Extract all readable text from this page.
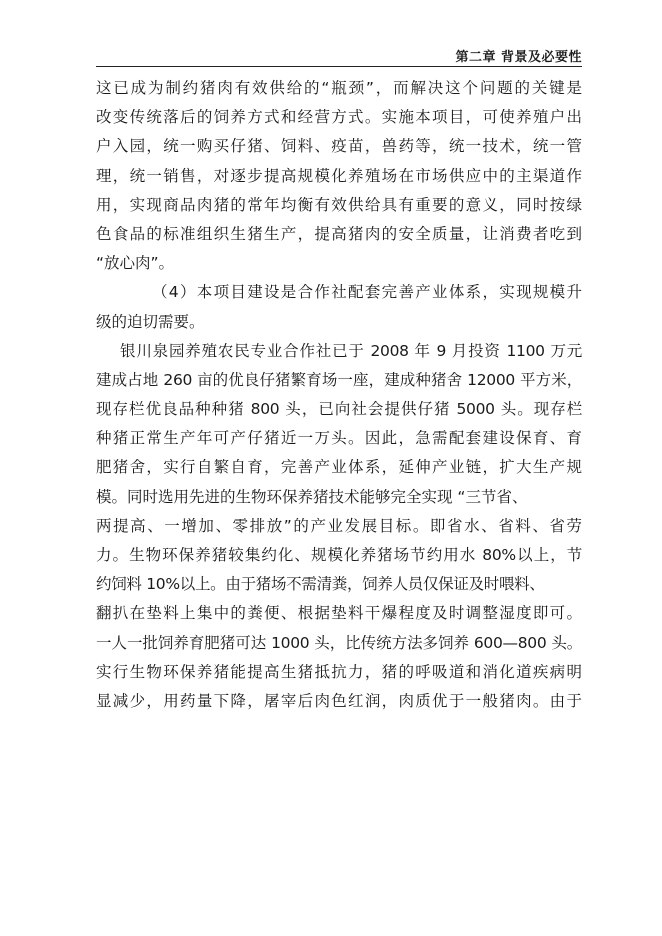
第二章 背景及必要性
这已成为制约猪肉有效供给的“瓶颈”，而解决这个问题的关键是
改变传统落后的饲养方式和经营方式。实施本项目，可使养殖户出
户入园，统一购买仔猪、饲料、疫苗，兽药等，统一技术，统一管
理，统一销售，对逐步提高规模化养殖场在市场供应中的主渠道作
用，实现商品肉猪的常年均衡有效供给具有重要的意义，同时按绿
色食品的标准组织生猪生产，提高猪肉的安全质量，让消费者吃到
“放心肉”。
（4）本项目建设是合作社配套完善产业体系，实现规模升
级的迫切需要。
银川泉园养殖农民专业合作社已于 2008 年 9 月投资 1100 万元
建成占地 260 亩的优良仔猪繁育场一座，建成种猪舍 12000 平方米，
现存栏优良品种种猪 800 头，已向社会提供仔猪 5000 头。现存栏
种猪正常生产年可产仔猪近一万头。因此，急需配套建设保育、育
肥猪舍，实行自繁自育，完善产业体系，延伸产业链，扩大生产规
模。同时选用先进的生物环保养猪技术能够完全实现 “三节省、
两提高、一增加、零排放”的产业发展目标。即省水、省料、省劳
力。生物环保养猪较集约化、规模化养猪场节约用水 80%以上，节
约饲料 10%以上。由于猪场不需清粪，饲养人员仅保证及时喂料、
翻扒在垫料上集中的粪便、根据垫料干爆程度及时调整湿度即可。
一人一批饲养育肥猪可达 1000 头，比传统方法多饲养 600—800 头。
实行生物环保养猪能提高生猪抵抗力，猪的呼吸道和消化道疾病明
显减少，用药量下降，屠宰后肉色红润，肉质优于一般猪肉。由于
